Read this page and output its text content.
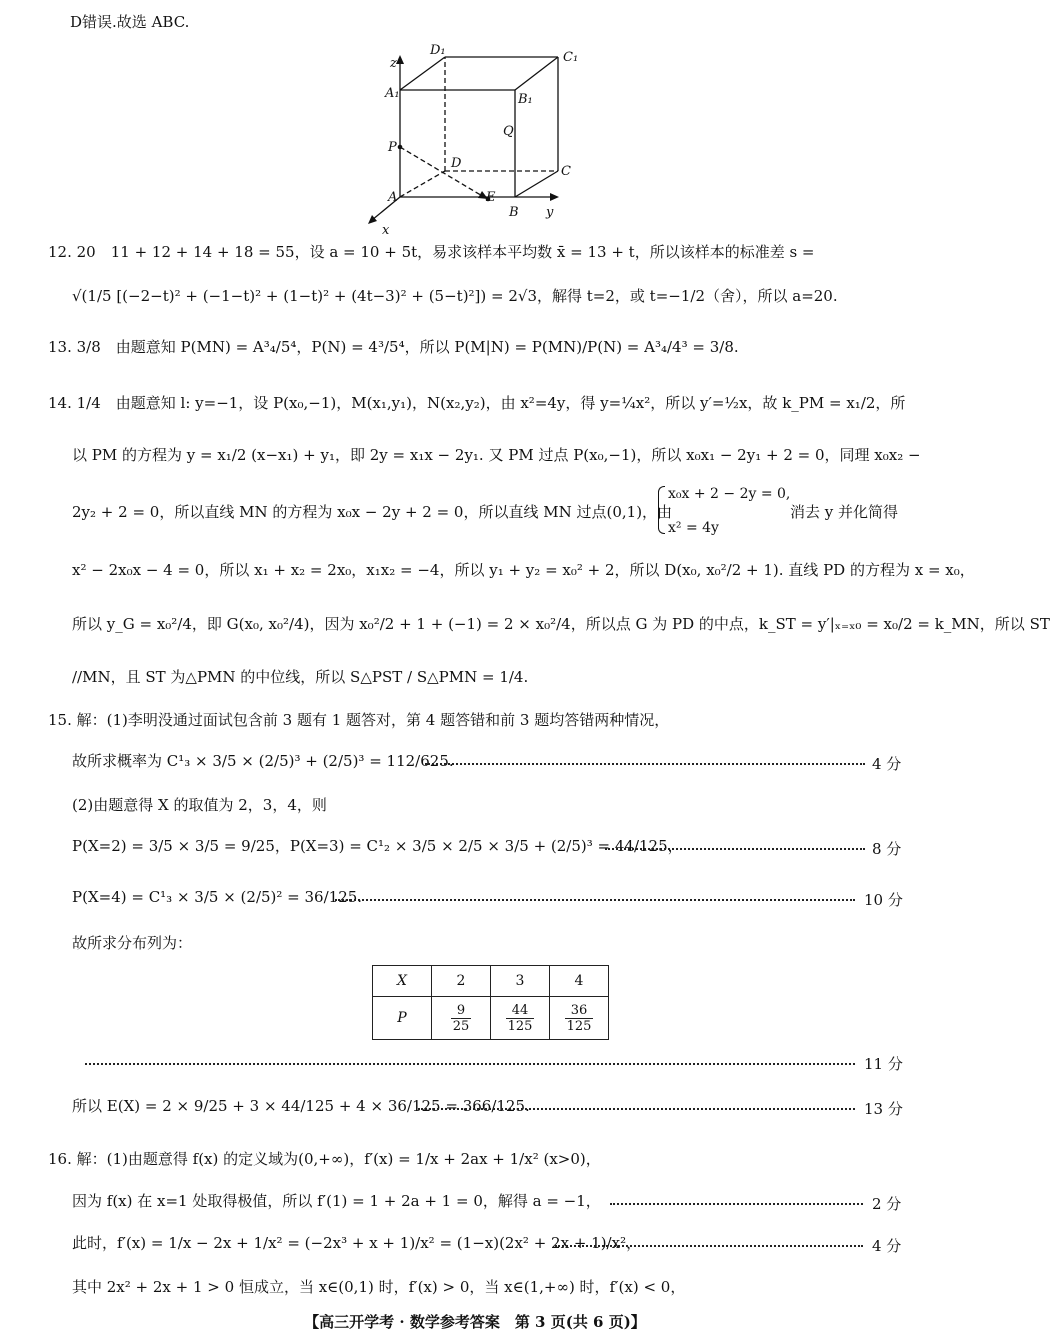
D错误.故选 ABC.
z
D₁	C₁
A₁	B₁
Q
P
D
C
A	E
B y
x
12. 20　11 + 12 + 14 + 18 = 55，设 a = 10 + 5t，易求该样本平均数 x̄ = 13 + t，所以该样本的标准差 s =
√(1/5 [(−2−t)² + (−1−t)² + (1−t)² + (4t−3)² + (5−t)²]) = 2√3，解得 t=2，或 t=−1/2（舍），所以 a=20.
13. 3/8　由题意知 P(MN) = A³₄/5⁴，P(N) = 4³/5⁴，所以 P(M|N) = P(MN)/P(N) = A³₄/4³ = 3/8.
14. 1/4　由题意知 l: y=−1，设 P(x₀,−1)，M(x₁,y₁)，N(x₂,y₂)，由 x²=4y，得 y=¼x²，所以 y′=½x，故 k_PM = x₁/2，所
以 PM 的方程为 y = x₁/2 (x−x₁) + y₁，即 2y = x₁x − 2y₁. 又 PM 过点 P(x₀,−1)，所以 x₀x₁ − 2y₁ + 2 = 0，同理 x₀x₂ −
2y₂ + 2 = 0，所以直线 MN 的方程为 x₀x − 2y + 2 = 0，所以直线 MN 过点(0,1)，由
x₀x + 2 − 2y = 0,
x² = 4y
消去 y 并化简得
x² − 2x₀x − 4 = 0，所以 x₁ + x₂ = 2x₀，x₁x₂ = −4，所以 y₁ + y₂ = x₀² + 2，所以 D(x₀, x₀²/2 + 1). 直线 PD 的方程为 x = x₀，
所以 y_G = x₀²/4，即 G(x₀, x₀²/4)，因为 x₀²/2 + 1 + (−1) = 2 × x₀²/4，所以点 G 为 PD 的中点，k_ST = y′|ₓ₌ₓ₀ = x₀/2 = k_MN，所以 ST
//MN，且 ST 为△PMN 的中位线，所以 S△PST / S△PMN = 1/4.
15. 解：(1)李明没通过面试包含前 3 题有 1 题答对，第 4 题答错和前 3 题均答错两种情况，
故所求概率为 C¹₃ × 3/5 × (2/5)³ + (2/5)³ = 112/625.	4 分
(2)由题意得 X 的取值为 2，3，4，则
P(X=2) = 3/5 × 3/5 = 9/25，P(X=3) = C¹₂ × 3/5 × 2/5 × 3/5 + (2/5)³ = 44/125，	8 分
P(X=4) = C¹₃ × 3/5 × (2/5)² = 36/125.	10 分
故所求分布列为：
X	2	3	4
P	$\frac{9}{25}$	$\frac{44}{125}$	$\frac{36}{125}$
11 分
所以 E(X) = 2 × 9/25 + 3 × 44/125 + 4 × 36/125 = 366/125.	13 分
16. 解：(1)由题意得 f(x) 的定义域为(0,+∞)，f′(x) = 1/x + 2ax + 1/x² (x>0)，
因为 f(x) 在 x=1 处取得极值，所以 f′(1) = 1 + 2a + 1 = 0，解得 a = −1，	2 分
此时，f′(x) = 1/x − 2x + 1/x² = (−2x³ + x + 1)/x² = (1−x)(2x² + 2x + 1)/x²，	4 分
其中 2x² + 2x + 1 > 0 恒成立，当 x∈(0,1) 时，f′(x) > 0，当 x∈(1,+∞) 时，f′(x) < 0，
【高三开学考 · 数学参考答案　第 3 页(共 6 页)】
